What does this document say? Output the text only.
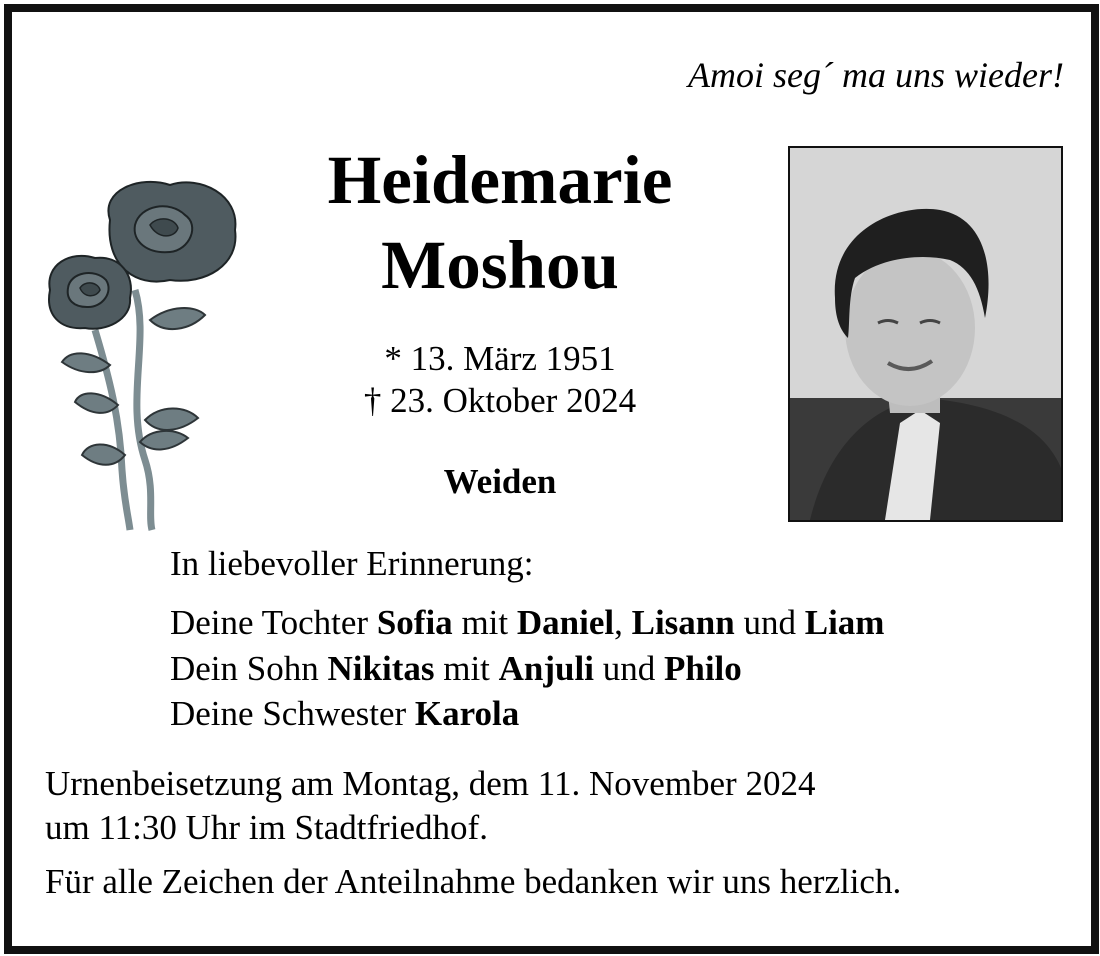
Amoi seg´ ma uns wieder!
Heidemarie
Moshou
* 13. März 1951
† 23. Oktober 2024
Weiden
In liebevoller Erinnerung:
Deine Tochter Sofia mit Daniel, Lisann und Liam
Dein Sohn Nikitas mit Anjuli und Philo
Deine Schwester Karola
Urnenbeisetzung am Montag, dem 11. November 2024
um 11:30 Uhr im Stadtfriedhof.
Für alle Zeichen der Anteilnahme bedanken wir uns herzlich.
